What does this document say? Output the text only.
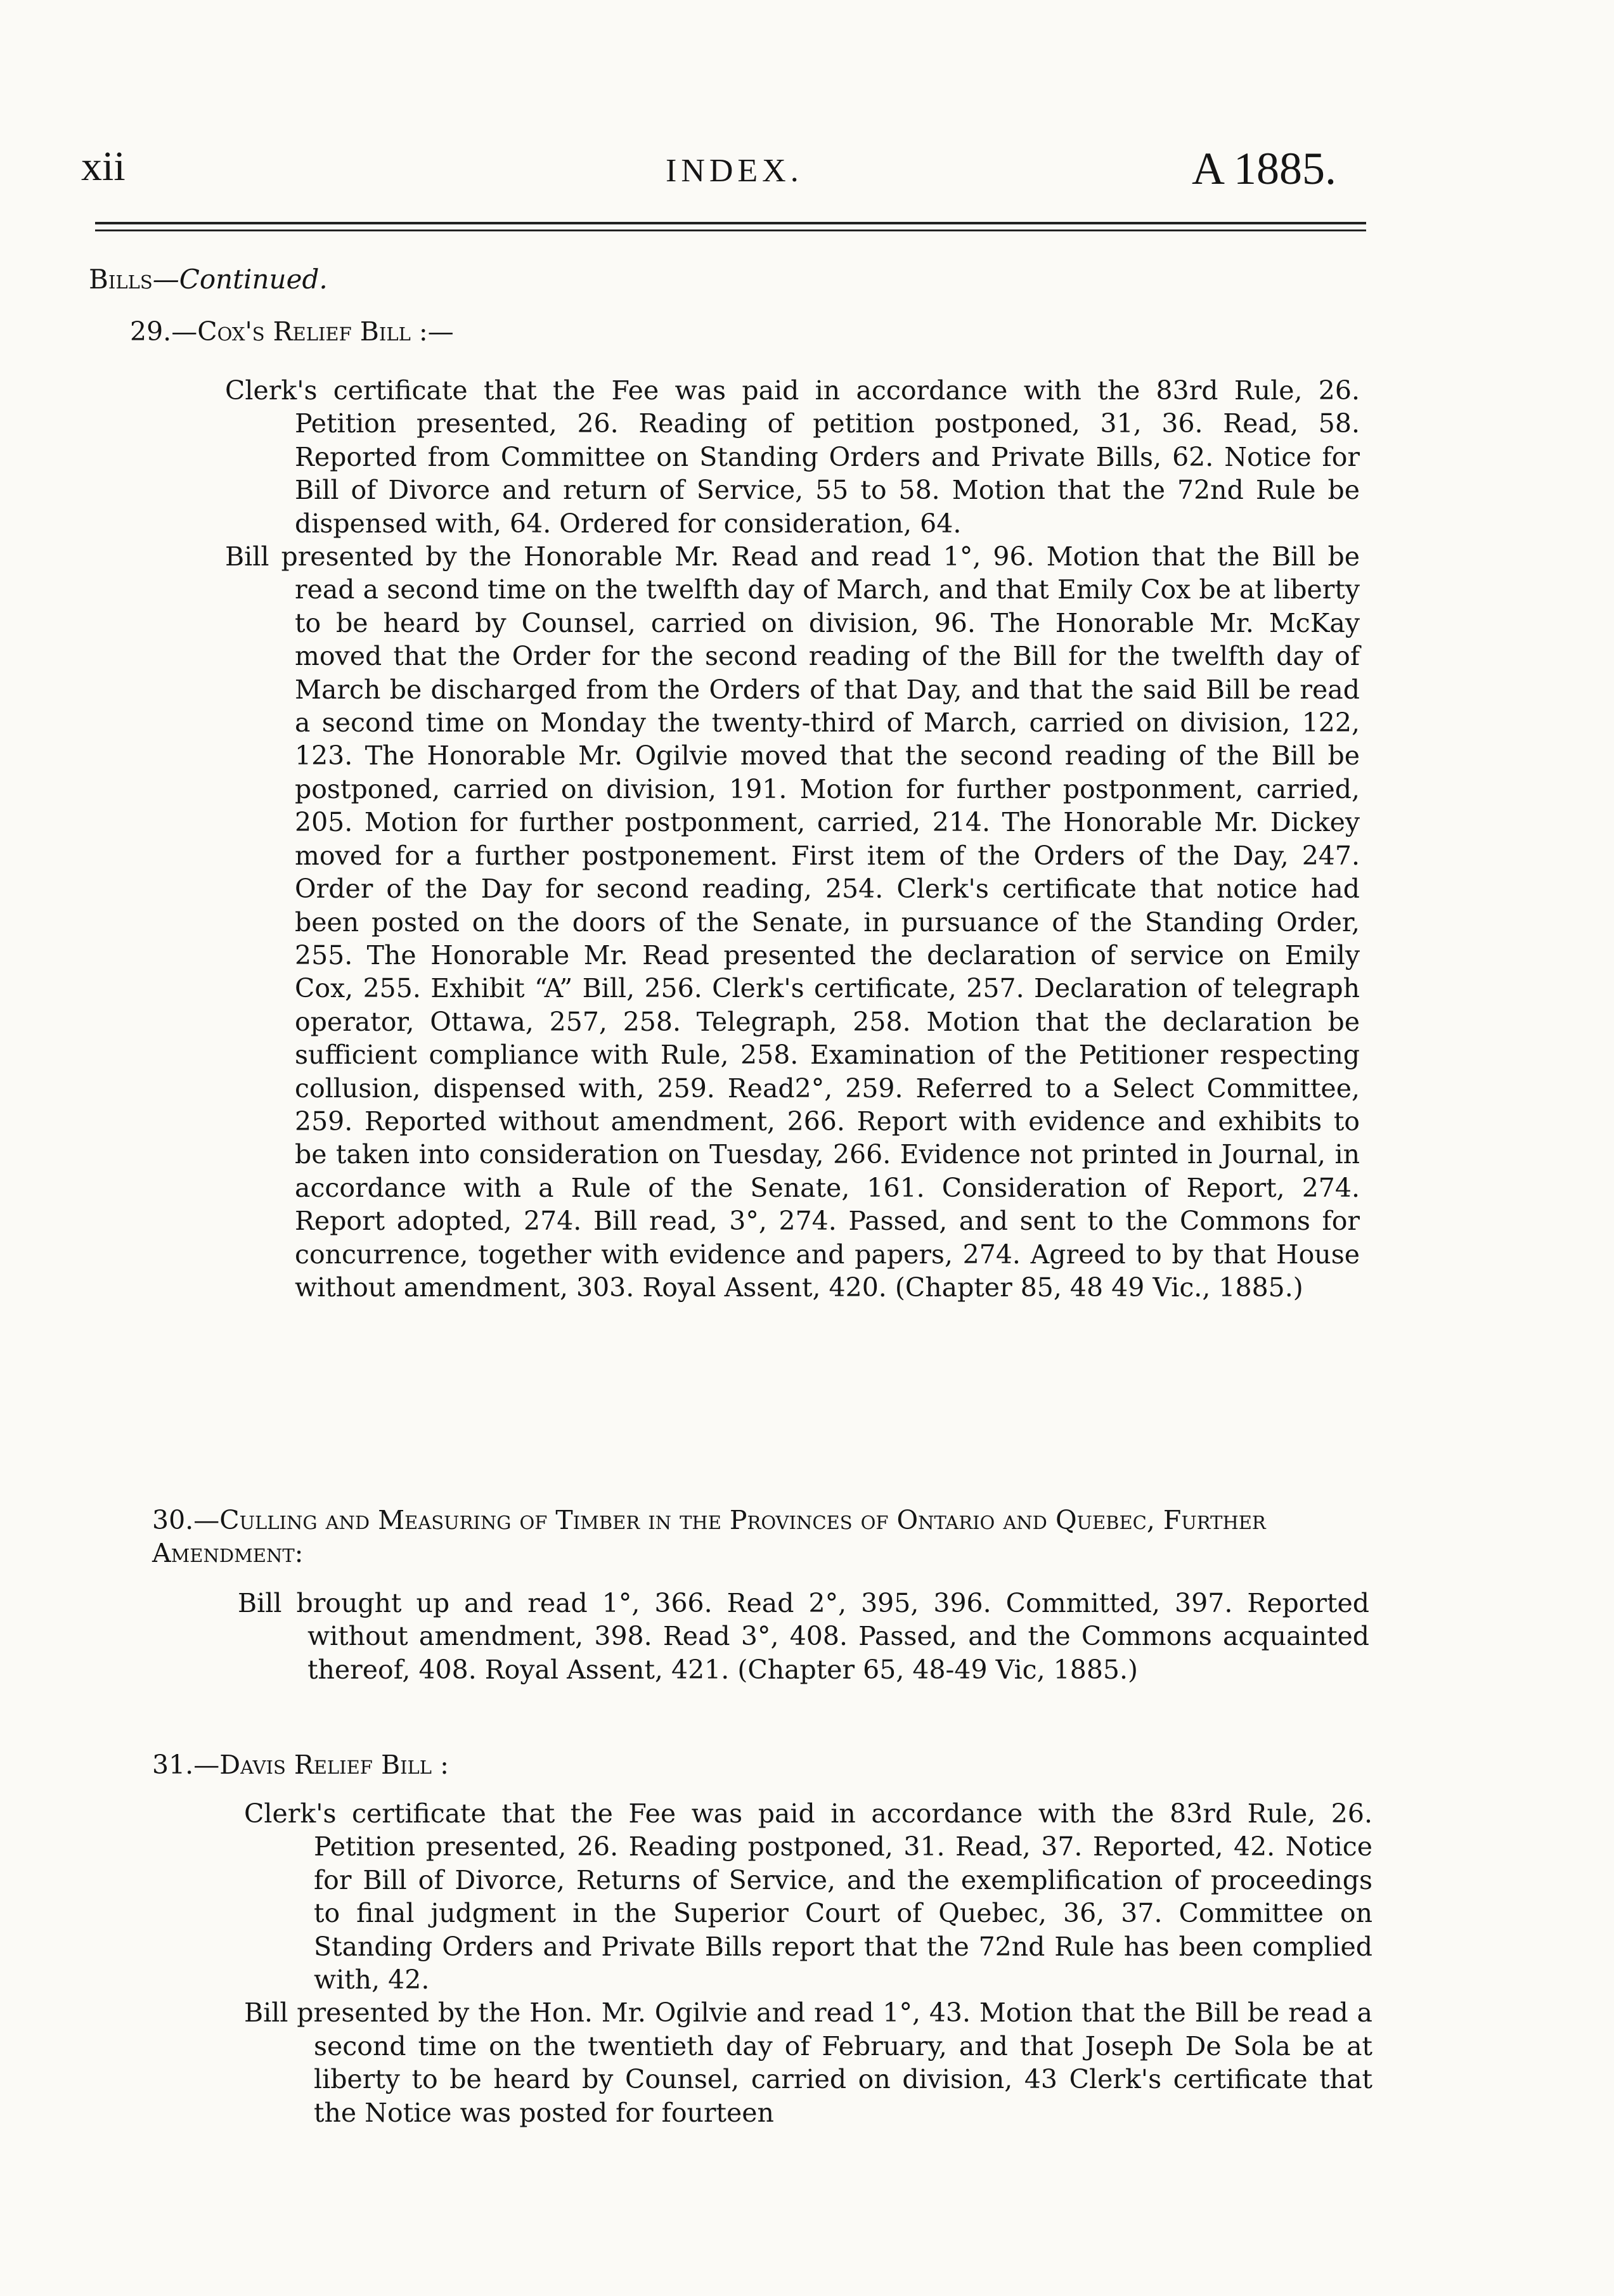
xii	INDEX.	A 1885.
Bills—Continued.
29.—Cox's Relief Bill :—

Clerk's certificate that the Fee was paid in accordance with the 83rd Rule, 26. Petition presented, 26. Reading of petition postponed, 31, 36. Read, 58. Reported from Committee on Standing Orders and Private Bills, 62. Notice for Bill of Divorce and return of Service, 55 to 58. Motion that the 72nd Rule be dispensed with, 64. Ordered for consideration, 64.

Bill presented by the Honorable Mr. Read and read 1°, 96. Motion that the Bill be read a second time on the twelfth day of March, and that Emily Cox be at liberty to be heard by Counsel, carried on division, 96. The Honorable Mr. McKay moved that the Order for the second reading of the Bill for the twelfth day of March be discharged from the Orders of that Day, and that the said Bill be read a second time on Monday the twenty-third of March, carried on division, 122, 123. The Honorable Mr. Ogilvie moved that the second reading of the Bill be postponed, carried on division, 191. Motion for further postponment, carried, 205. Motion for further postponment, carried, 214. The Honorable Mr. Dickey moved for a further postponement. First item of the Orders of the Day, 247. Order of the Day for second reading, 254. Clerk's certificate that notice had been posted on the doors of the Senate, in pursuance of the Standing Order, 255. The Honorable Mr. Read presented the declaration of service on Emily Cox, 255. Exhibit “A” Bill, 256. Clerk's certificate, 257. Declaration of telegraph operator, Ottawa, 257, 258. Telegraph, 258. Motion that the declaration be sufficient compliance with Rule, 258. Examination of the Petitioner respecting collusion, dispensed with, 259. Read2°, 259. Referred to a Select Committee, 259. Reported without amendment, 266. Report with evidence and exhibits to be taken into consideration on Tuesday, 266. Evidence not printed in Journal, in accordance with a Rule of the Senate, 161. Consideration of Report, 274. Report adopted, 274. Bill read, 3°, 274. Passed, and sent to the Commons for concurrence, together with evidence and papers, 274. Agreed to by that House without amendment, 303. Royal Assent, 420. (Chapter 85, 48 49 Vic., 1885.)

30.—Culling and Measuring of Timber in the Provinces of Ontario and Quebec, Further Amendment:

Bill brought up and read 1°, 366. Read 2°, 395, 396. Committed, 397. Reported without amendment, 398. Read 3°, 408. Passed, and the Commons acquainted thereof, 408. Royal Assent, 421. (Chapter 65, 48-49 Vic, 1885.)

31.—Davis Relief Bill :

Clerk's certificate that the Fee was paid in accordance with the 83rd Rule, 26. Petition presented, 26. Reading postponed, 31. Read, 37. Reported, 42. Notice for Bill of Divorce, Returns of Service, and the exemplification of proceedings to final judgment in the Superior Court of Quebec, 36, 37. Committee on Standing Orders and Private Bills report that the 72nd Rule has been complied with, 42.

Bill presented by the Hon. Mr. Ogilvie and read 1°, 43. Motion that the Bill be read a second time on the twentieth day of February, and that Joseph De Sola be at liberty to be heard by Counsel, carried on division, 43 Clerk's certificate that the Notice was posted for fourteen
